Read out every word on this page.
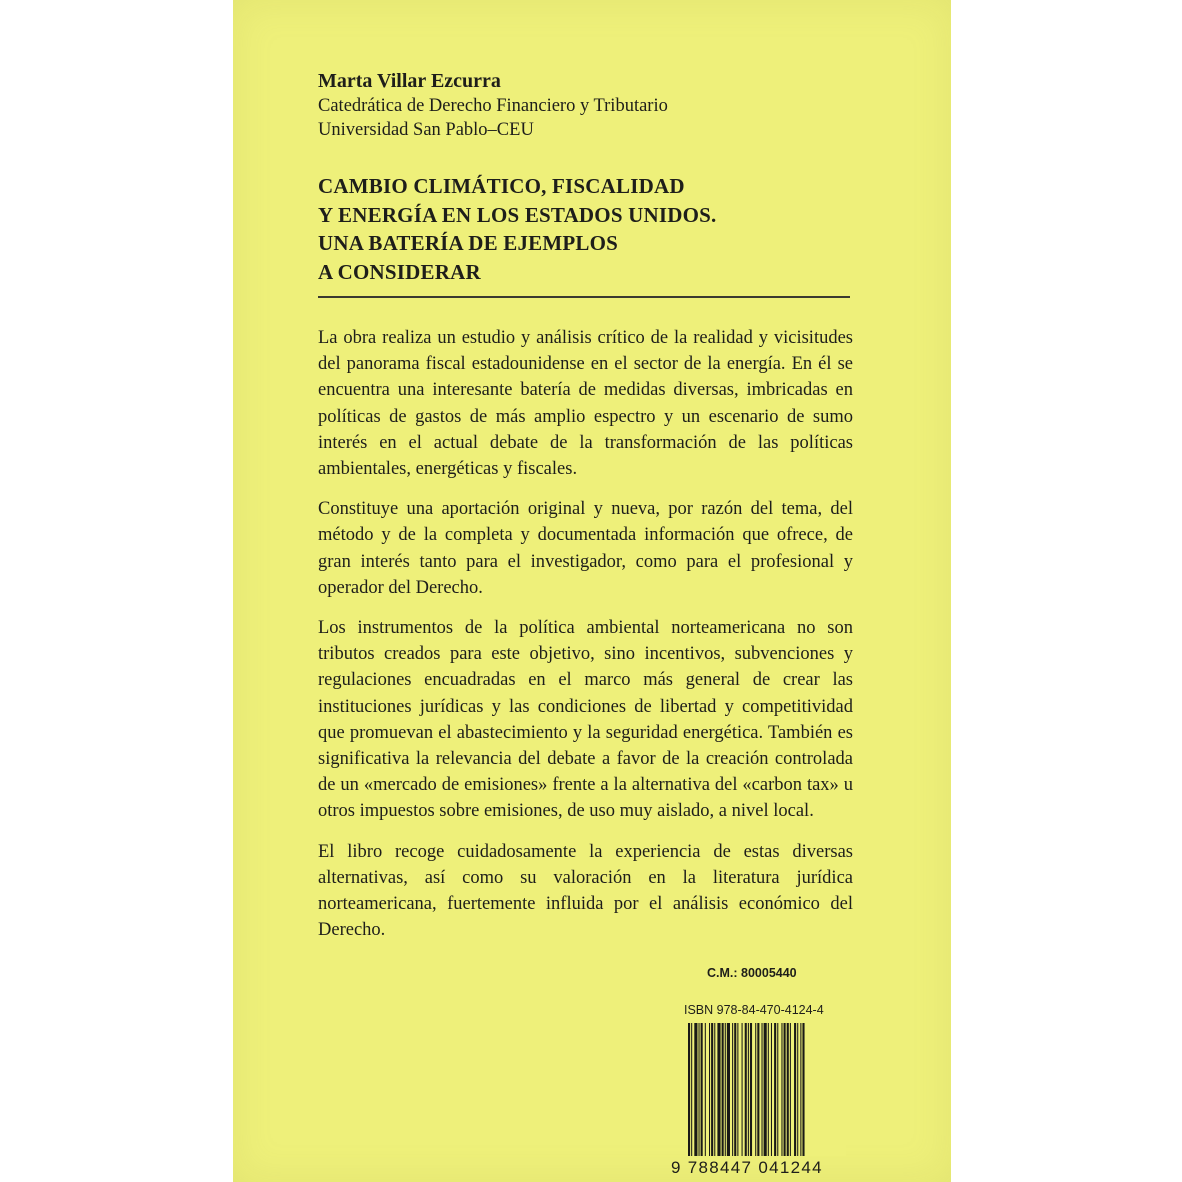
Marta Villar Ezcurra

Catedrática de Derecho Financiero y Tributario

Universidad San Pablo–CEU

CAMBIO CLIMÁTICO, FISCALIDAD
Y ENERGÍA EN LOS ESTADOS UNIDOS.
UNA BATERÍA DE EJEMPLOS
A CONSIDERAR

La obra realiza un estudio y análisis crítico de la realidad y vicisitudes del panorama fiscal estadounidense en el sector de la energía. En él se encuentra una interesante batería de medidas diversas, imbricadas en políticas de gastos de más amplio espectro y un escenario de sumo interés en el actual debate de la transformación de las políticas ambientales, energéticas y fiscales.

Constituye una aportación original y nueva, por razón del tema, del método y de la completa y documentada información que ofrece, de gran interés tanto para el investigador, como para el profesional y operador del Derecho.

Los instrumentos de la política ambiental norteamericana no son tributos creados para este objetivo, sino incentivos, subvenciones y regulaciones encuadradas en el marco más general de crear las instituciones jurídicas y las condiciones de libertad y competitividad que promuevan el abastecimiento y la seguridad energética. También es significativa la relevancia del debate a favor de la creación controlada de un «mercado de emisiones» frente a la alternativa del «carbon tax» u otros impuestos sobre emisiones, de uso muy aislado, a nivel local.

El libro recoge cuidadosamente la experiencia de estas diversas alternativas, así como su valoración en la literatura jurídica norteamericana, fuertemente influida por el análisis económico del Derecho.

C.M.: 80005440
ISBN 978-84-470-4124-4
9 788447 041244
